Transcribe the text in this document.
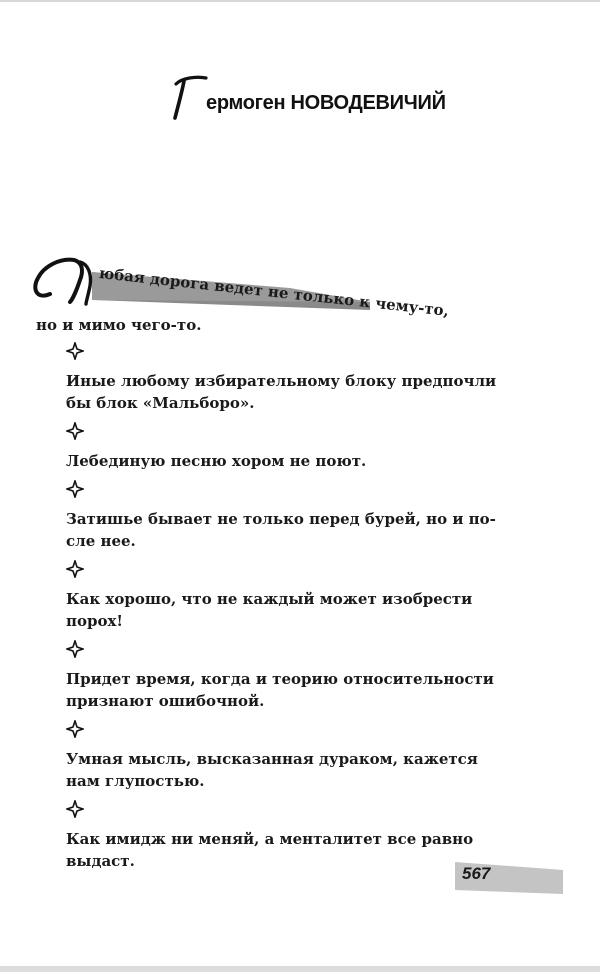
ермоген НОВОДЕВИЧИЙ
юбая дорога ведет не только к чему-то,
но и мимо чего-то.

Иные любому избирательному блоку предпочли
бы блок «Мальборо».

Лебединую песню хором не поют.

Затишье бывает не только перед бурей, но и по-
сле нее.

Как хорошо, что не каждый может изобрести
порох!

Придет время, когда и теорию относительности
признают ошибочной.

Умная мысль, высказанная дураком, кажется
нам глупостью.

Как имидж ни меняй, а менталитет все равно
выдаст.

567
